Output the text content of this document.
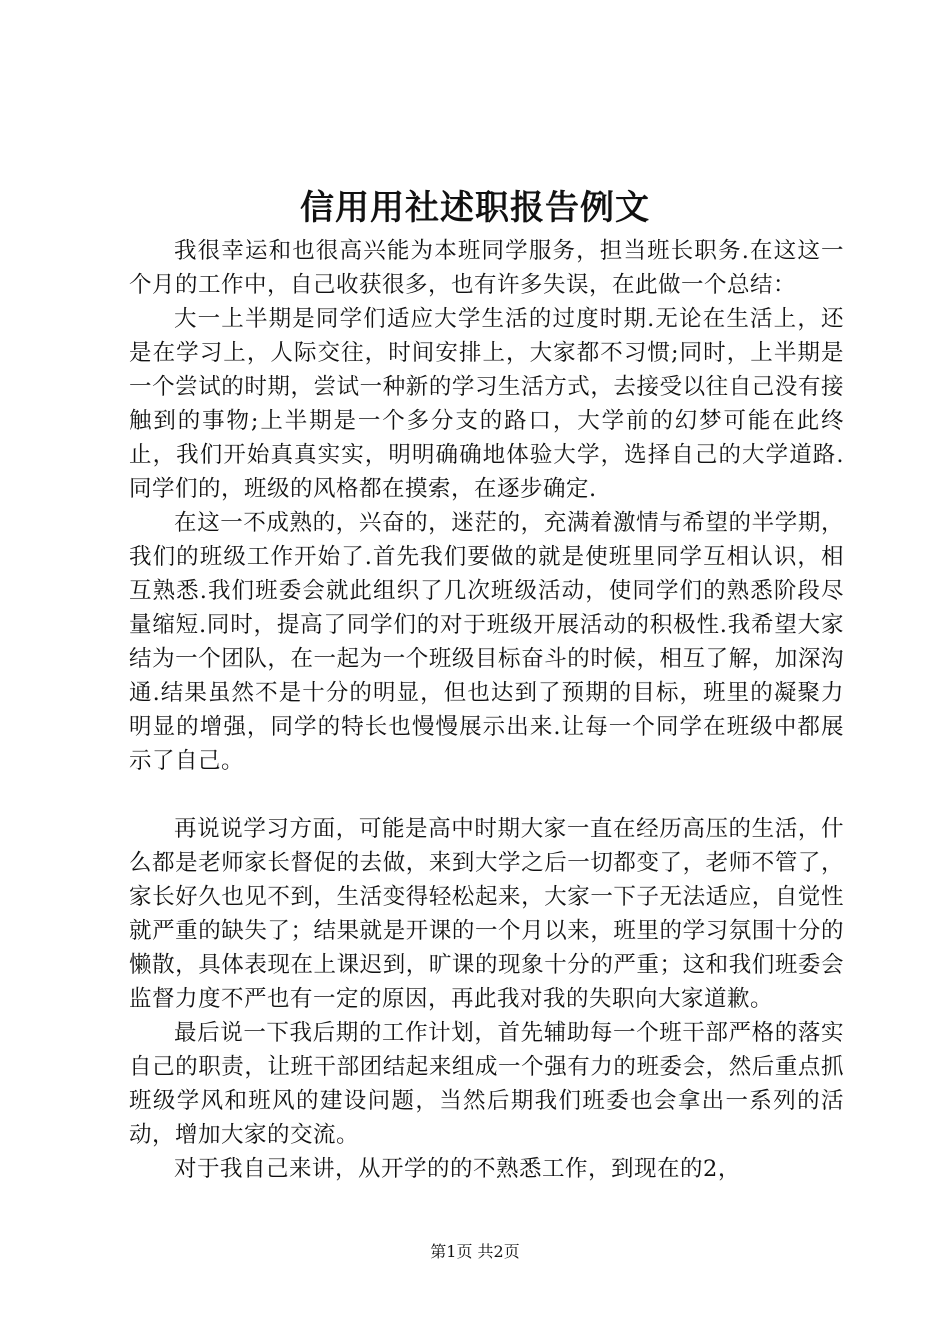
信用用社述职报告例文

我很幸运和也很高兴能为本班同学服务，担当班长职务.在这这一个月的工作中，自己收获很多，也有许多失误，在此做一个总结：

大一上半期是同学们适应大学生活的过度时期.无论在生活上，还是在学习上，人际交往，时间安排上，大家都不习惯;同时，上半期是一个尝试的时期，尝试一种新的学习生活方式，去接受以往自己没有接触到的事物;上半期是一个多分支的路口，大学前的幻梦可能在此终止，我们开始真真实实，明明确确地体验大学，选择自己的大学道路.同学们的，班级的风格都在摸索，在逐步确定.

在这一不成熟的，兴奋的，迷茫的，充满着激情与希望的半学期，我们的班级工作开始了.首先我们要做的就是使班里同学互相认识，相互熟悉.我们班委会就此组织了几次班级活动，使同学们的熟悉阶段尽量缩短.同时，提高了同学们的对于班级开展活动的积极性.我希望大家结为一个团队，在一起为一个班级目标奋斗的时候，相互了解，加深沟通.结果虽然不是十分的明显，但也达到了预期的目标，班里的凝聚力明显的增强，同学的特长也慢慢展示出来.让每一个同学在班级中都展示了自己。

再说说学习方面，可能是高中时期大家一直在经历高压的生活，什么都是老师家长督促的去做，来到大学之后一切都变了，老师不管了，家长好久也见不到，生活变得轻松起来，大家一下子无法适应，自觉性就严重的缺失了；结果就是开课的一个月以来，班里的学习氛围十分的懒散，具体表现在上课迟到，旷课的现象十分的严重；这和我们班委会监督力度不严也有一定的原因，再此我对我的失职向大家道歉。

最后说一下我后期的工作计划，首先辅助每一个班干部严格的落实自己的职责，让班干部团结起来组成一个强有力的班委会，然后重点抓班级学风和班风的建设问题，当然后期我们班委也会拿出一系列的活动，增加大家的交流。

对于我自己来讲，从开学的的不熟悉工作，到现在的2，

第1页 共2页
